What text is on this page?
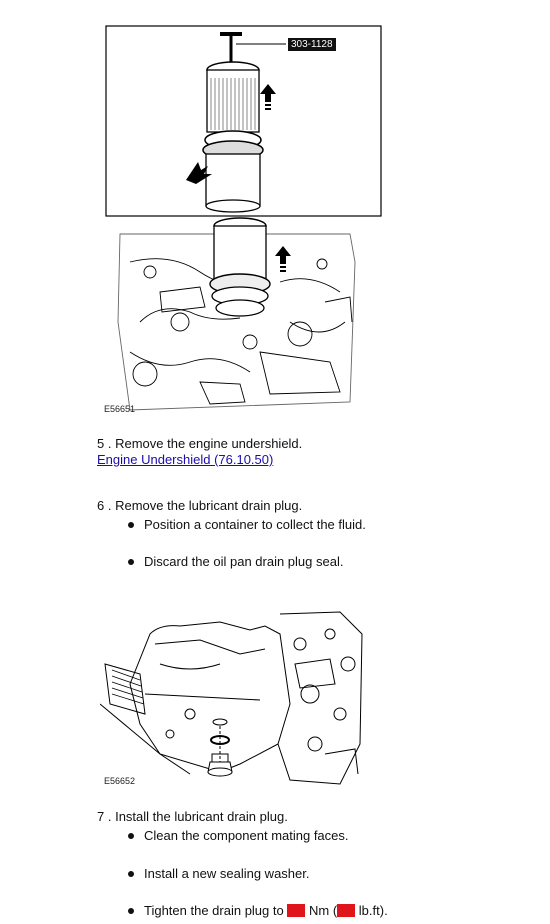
303-1128
E56651
5 . Remove the engine undershield.
Engine Undershield (76.10.50)
6 . Remove the lubricant drain plug.
Position a container to collect the fluid.
Discard the oil pan drain plug seal.
E56652
7 . Install the lubricant drain plug.
Clean the component mating faces.
Install a new sealing washer.
Tighten the drain plug to Nm ( lb.ft).
